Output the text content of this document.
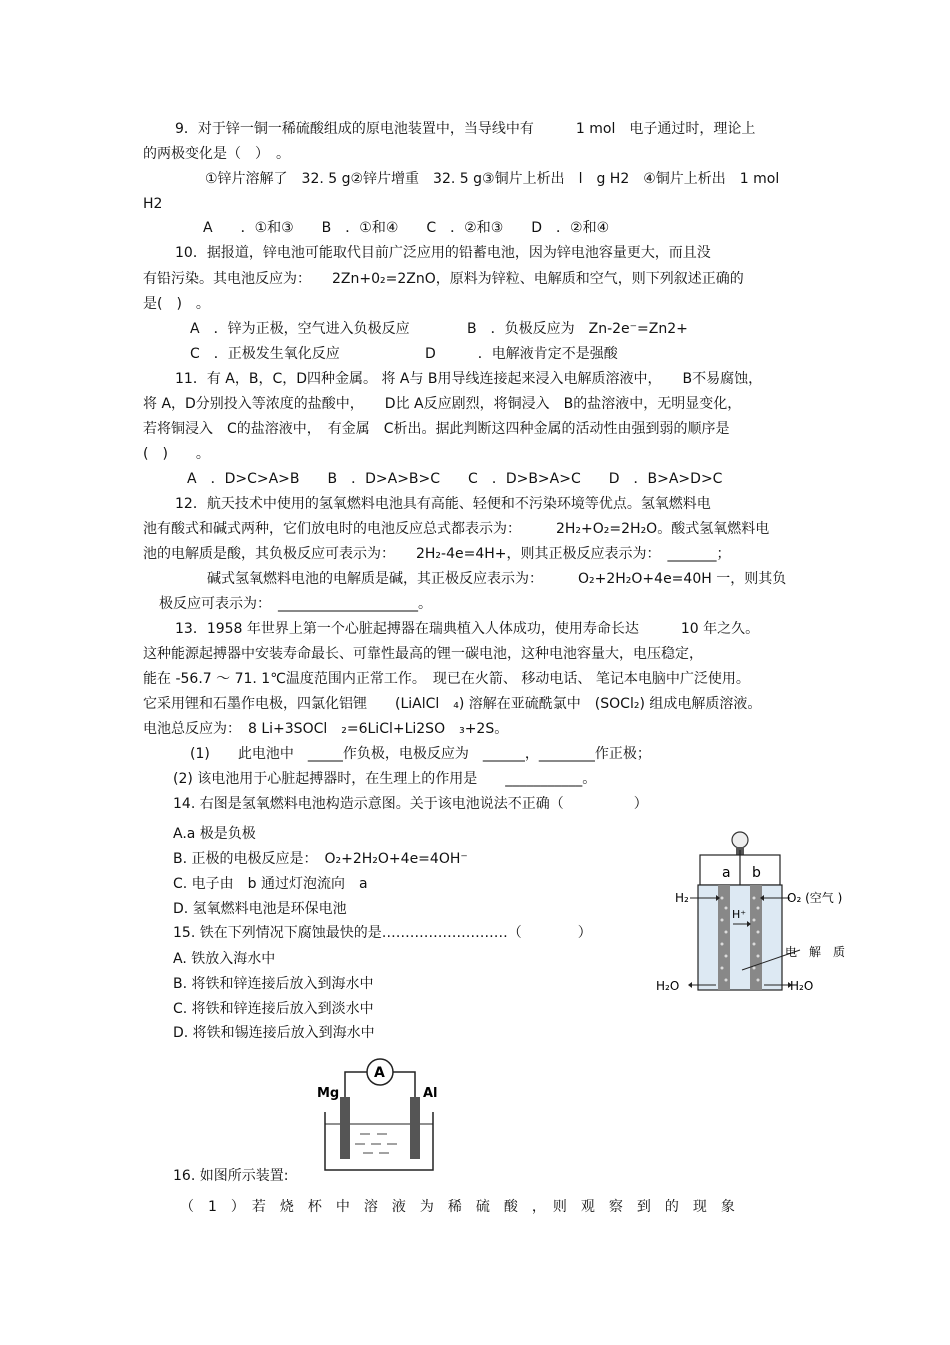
9．对于锌一铜一稀硫酸组成的原电池装置中，当导线中有　　　1 mol　电子通过时，理论上
的两极变化是（　）　。
①锌片溶解了　32. 5 g②锌片增重　32. 5 g③铜片上析出　l　g H2　④铜片上析出　1 mol
H2
A　　．①和③　　B　．①和④　　C　．②和③　　D　．②和④
10．据报道，锌电池可能取代目前广泛应用的铅蓄电池，因为锌电池容量更大，而且没
有铅污染。其电池反应为：　　2Zn+0₂=2ZnO，原料为锌粒、电解质和空气，则下列叙述正确的
是(　)　。
A　．锌为正极，空气进入负极反应	B　．负极反应为　Zn-2e⁻=Zn2+
C　．正极发生氧化反应	D　　　．电解液肯定不是强酸
11．有 A，B，C，D四种金属。 将 A与 B用导线连接起来浸入电解质溶液中，　　B不易腐蚀，
将 A，D分别投入等浓度的盐酸中，　　D比 A反应剧烈，将铜浸入　B的盐溶液中，无明显变化，
若将铜浸入　C的盐溶液中，　有金属　C析出。据此判断这四种金属的活动性由强到弱的顺序是
(　)　　。
A　．D>C>A>B　　B　．D>A>B>C　　C　．D>B>A>C　　D　．B>A>D>C
12．航天技术中使用的氢氧燃料电池具有高能、轻便和不污染环境等优点。氢氧燃料电
池有酸式和碱式两种，它们放电时的电池反应总式都表示为：　　　2H₂+O₂=2H₂O。酸式氢氧燃料电
池的电解质是酸，其负极反应可表示为：　　2H₂-4e=4H+，则其正极反应表示为：　_______；
碱式氢氧燃料电池的电解质是碱，其正极反应表示为：　　　O₂+2H₂O+4e=40H 一，则其负
极反应可表示为：　____________________。
13．1958 年世界上第一个心脏起搏器在瑞典植入人体成功，使用寿命长达　　　10 年之久。
这种能源起搏器中安装寿命最长、可靠性最高的锂一碳电池，这种电池容量大，电压稳定，
能在 -56.7 ～ 71. 1℃温度范围内正常工作。　现已在火箭、 移动电话、 笔记本电脑中广泛使用。
它采用锂和石墨作电极，四氯化铝锂　　(LiAlCl　₄) 溶解在亚硫酰氯中　(SOCl₂) 组成电解质溶液。
电池总反应为：　8 Li+3SOCl　₂=6LiCl+Li2SO　₃+2S。
(1)　　此电池中　_____作负极，电极反应为　______，________作正极；
(2) 该电池用于心脏起搏器时，在生理上的作用是　　___________。
14. 右图是氢氧燃料电池构造示意图。关于该电池说法不正确（　　　　　）
A.a 极是负极
B. 正极的电极反应是：　O₂+2H₂O+4e=4OH⁻
C. 电子由　b 通过灯泡流向　a
D. 氢氧燃料电池是环保电池
15. 铁在下列情况下腐蚀最快的是………………………（　　　　）
A. 铁放入海水中
B. 将铁和锌连接后放入到海水中
C. 将铁和锌连接后放入到淡水中
D. 将铁和锡连接后放入到海水中
16. 如图所示装置:
（　1　）　若　烧　杯　中　溶　液　为　稀　硫　酸　，　则　观　察　到　的　现　象
a b
H⁺
H₂	O₂ (空气 )
电　解　质
H₂O	H₂O
A
Mg	Al
